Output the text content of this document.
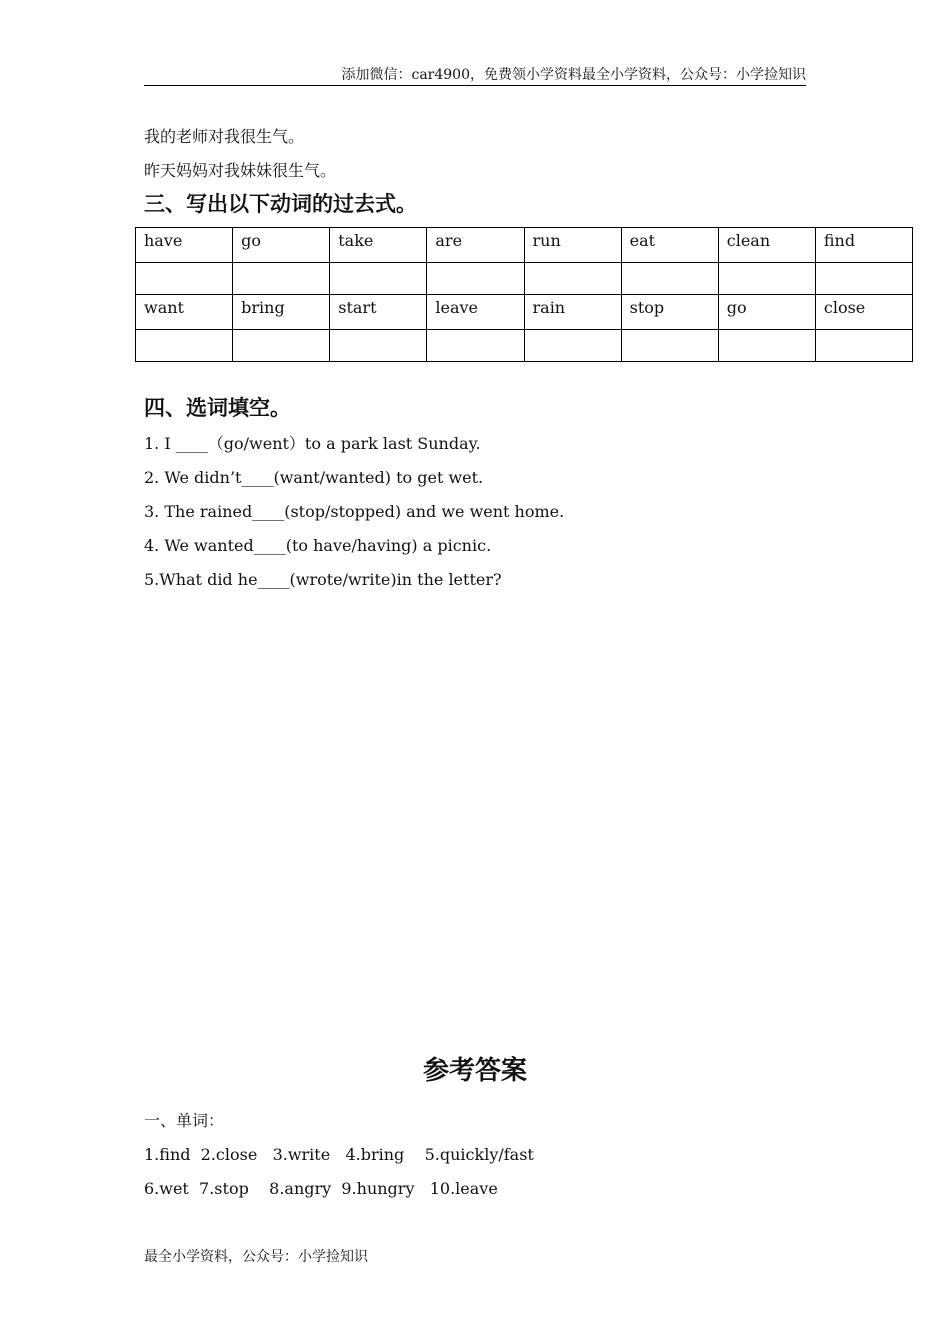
添加微信：car4900，免费领小学资料最全小学资料，公众号：小学捡知识
我的老师对我很生气。
昨天妈妈对我妹妹很生气。
三、写出以下动词的过去式。
have	go	take	are	run	eat	clean	find

want	bring	start	leave	rain	stop	go	close

四、选词填空。
1. I ____（go/went）to a park last Sunday.
2. We didn’t____(want/wanted) to get wet.
3. The rained____(stop/stopped) and we went home.
4. We wanted____(to have/having) a picnic.
5.What did he____(wrote/write)in the letter?
参考答案
一、单词：
1.find  2.close   3.write   4.bring    5.quickly/fast
6.wet  7.stop    8.angry  9.hungry   10.leave
最全小学资料，公众号：小学捡知识
